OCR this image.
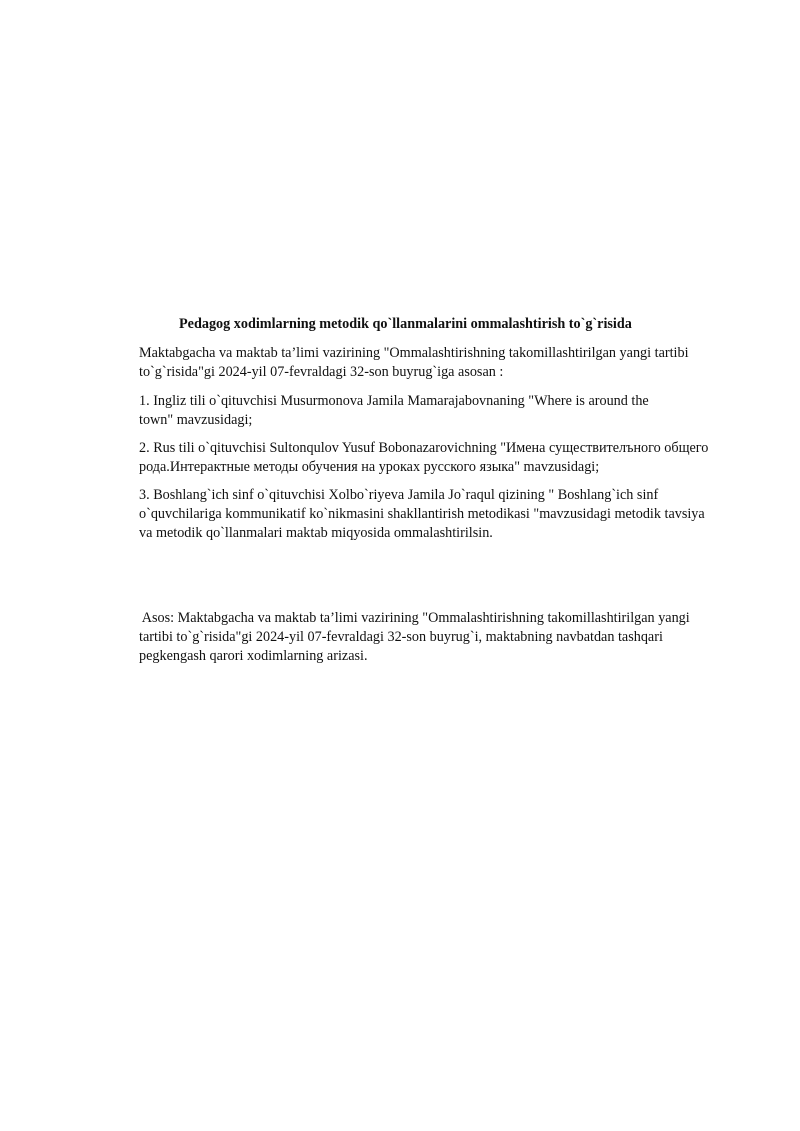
Pedagog xodimlarning metodik qo`llanmalarini ommalashtirish to`g`risida

Maktabgacha va maktab ta’limi vazirining "Ommalashtirishning takomillashtirilgan yangi tartibi
to`g`risida"gi 2024-yil 07-fevraldagi 32-son buyrug`iga asosan :

1. Ingliz tili o`qituvchisi Musurmonova Jamila Mamarajabovnaning "Where is around the
town" mavzusidagi;

2. Rus tili o`qituvchisi Sultonqulov Yusuf Bobonazarovichning "Имена существителъного общего
рода.Интерактные методы обучения на уроках русского языка" mavzusidagi;

3. Boshlang`ich sinf o`qituvchisi Xolbo`riyeva Jamila Jo`raqul qizining " Boshlang`ich sinf
o`quvchilariga kommunikatif ko`nikmasini shakllantirish metodikasi "mavzusidagi metodik tavsiya
va metodik qo`llanmalari maktab miqyosida ommalashtirilsin.

Asos: Maktabgacha va maktab ta’limi vazirining "Ommalashtirishning takomillashtirilgan yangi
tartibi to`g`risida"gi 2024-yil 07-fevraldagi 32-son buyrug`i, maktabning navbatdan tashqari
pegkengash qarori xodimlarning arizasi.
